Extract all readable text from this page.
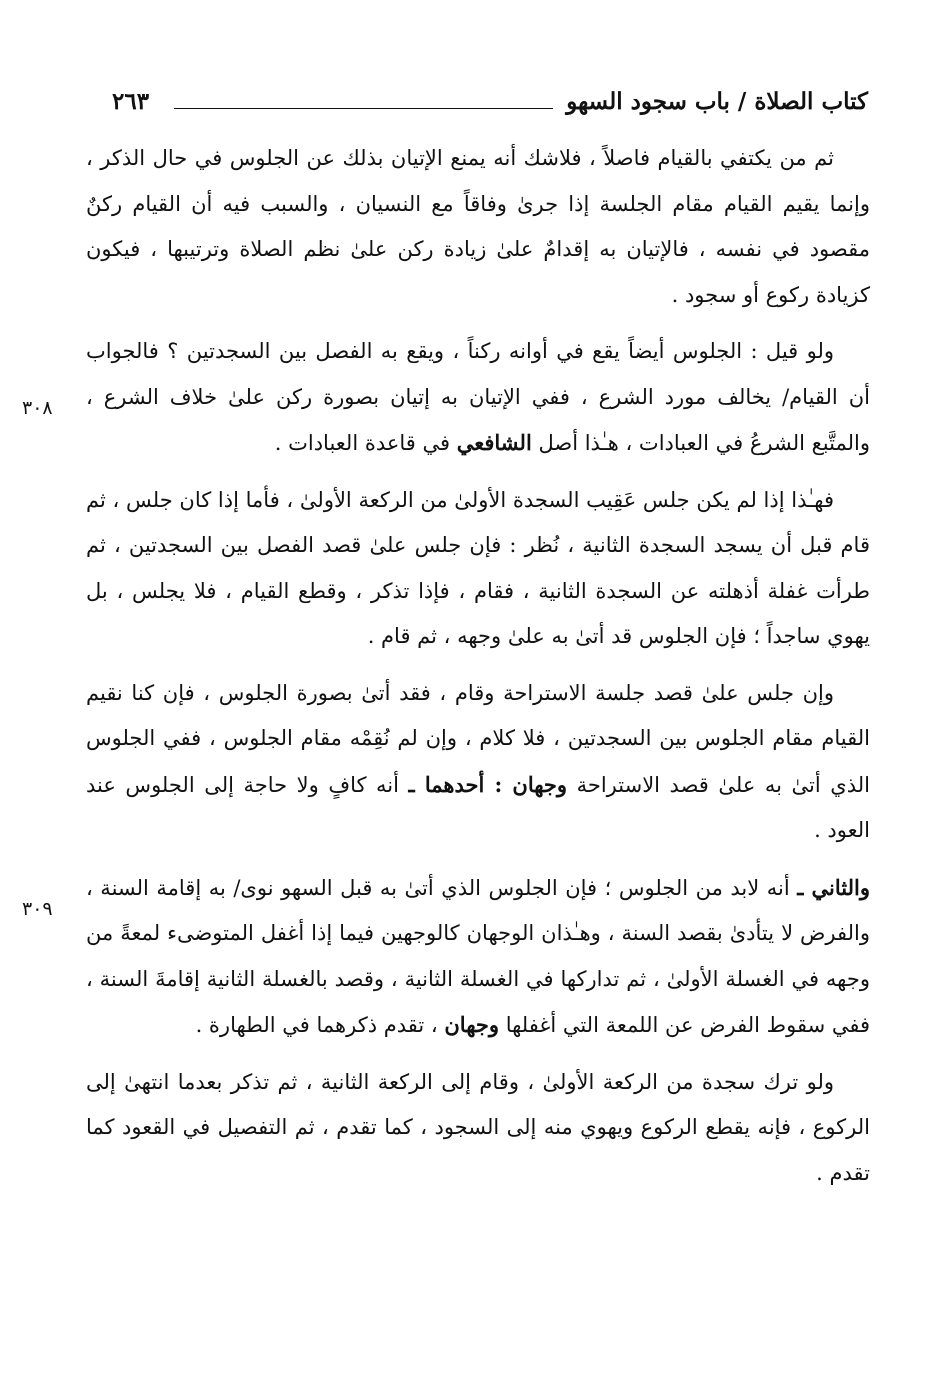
كتاب الصلاة / باب سجود السهو
٢٦٣
٣٠٨
٣٠٩

ثم من يكتفي بالقيام فاصلاً ، فلاشك أنه يمنع الإتيان بذلك عن الجلوس في حال الذكر ، وإنما يقيم القيام مقام الجلسة إذا جرىٰ وفاقاً مع النسيان ، والسبب فيه أن القيام ركنٌ مقصود في نفسه ، فالإتيان به إقدامٌ علىٰ زيادة ركن علىٰ نظم الصلاة وترتيبها ، فيكون كزيادة ركوع أو سجود .

ولو قيل : الجلوس أيضاً يقع في أوانه ركناً ، ويقع به الفصل بين السجدتين ؟ فالجواب أن القيام/ يخالف مورد الشرع ، ففي الإتيان به إتيان بصورة ركن علىٰ خلاف الشرع ، والمتَّبع الشرعُ في العبادات ، هـٰذا أصل الشافعي في قاعدة العبادات .

فهـٰذا إذا لم يكن جلس عَقِيب السجدة الأولىٰ من الركعة الأولىٰ ، فأما إذا كان جلس ، ثم قام قبل أن يسجد السجدة الثانية ، نُظر : فإن جلس علىٰ قصد الفصل بين السجدتين ، ثم طرأت غفلة أذهلته عن السجدة الثانية ، فقام ، فإذا تذكر ، وقطع القيام ، فلا يجلس ، بل يهوي ساجداً ؛ فإن الجلوس قد أتىٰ به علىٰ وجهه ، ثم قام .

وإن جلس علىٰ قصد جلسة الاستراحة وقام ، فقد أتىٰ بصورة الجلوس ، فإن كنا نقيم القيام مقام الجلوس بين السجدتين ، فلا كلام ، وإن لم نُقِمْه مقام الجلوس ، ففي الجلوس الذي أتىٰ به علىٰ قصد الاستراحة وجهان : أحدهما ـ أنه كافٍ ولا حاجة إلى الجلوس عند العود .

والثاني ـ أنه لابد من الجلوس ؛ فإن الجلوس الذي أتىٰ به قبل السهو نوى/ به إقامة السنة ، والفرض لا يتأدىٰ بقصد السنة ، وهـٰذان الوجهان كالوجهين فيما إذا أغفل المتوضىء لمعةً من وجهه في الغسلة الأولىٰ ، ثم تداركها في الغسلة الثانية ، وقصد بالغسلة الثانية إقامةَ السنة ، ففي سقوط الفرض عن اللمعة التي أغفلها وجهان ، تقدم ذكرهما في الطهارة .

ولو ترك سجدة من الركعة الأولىٰ ، وقام إلى الركعة الثانية ، ثم تذكر بعدما انتهىٰ إلى الركوع ، فإنه يقطع الركوع ويهوي منه إلى السجود ، كما تقدم ، ثم التفصيل في القعود كما تقدم .
